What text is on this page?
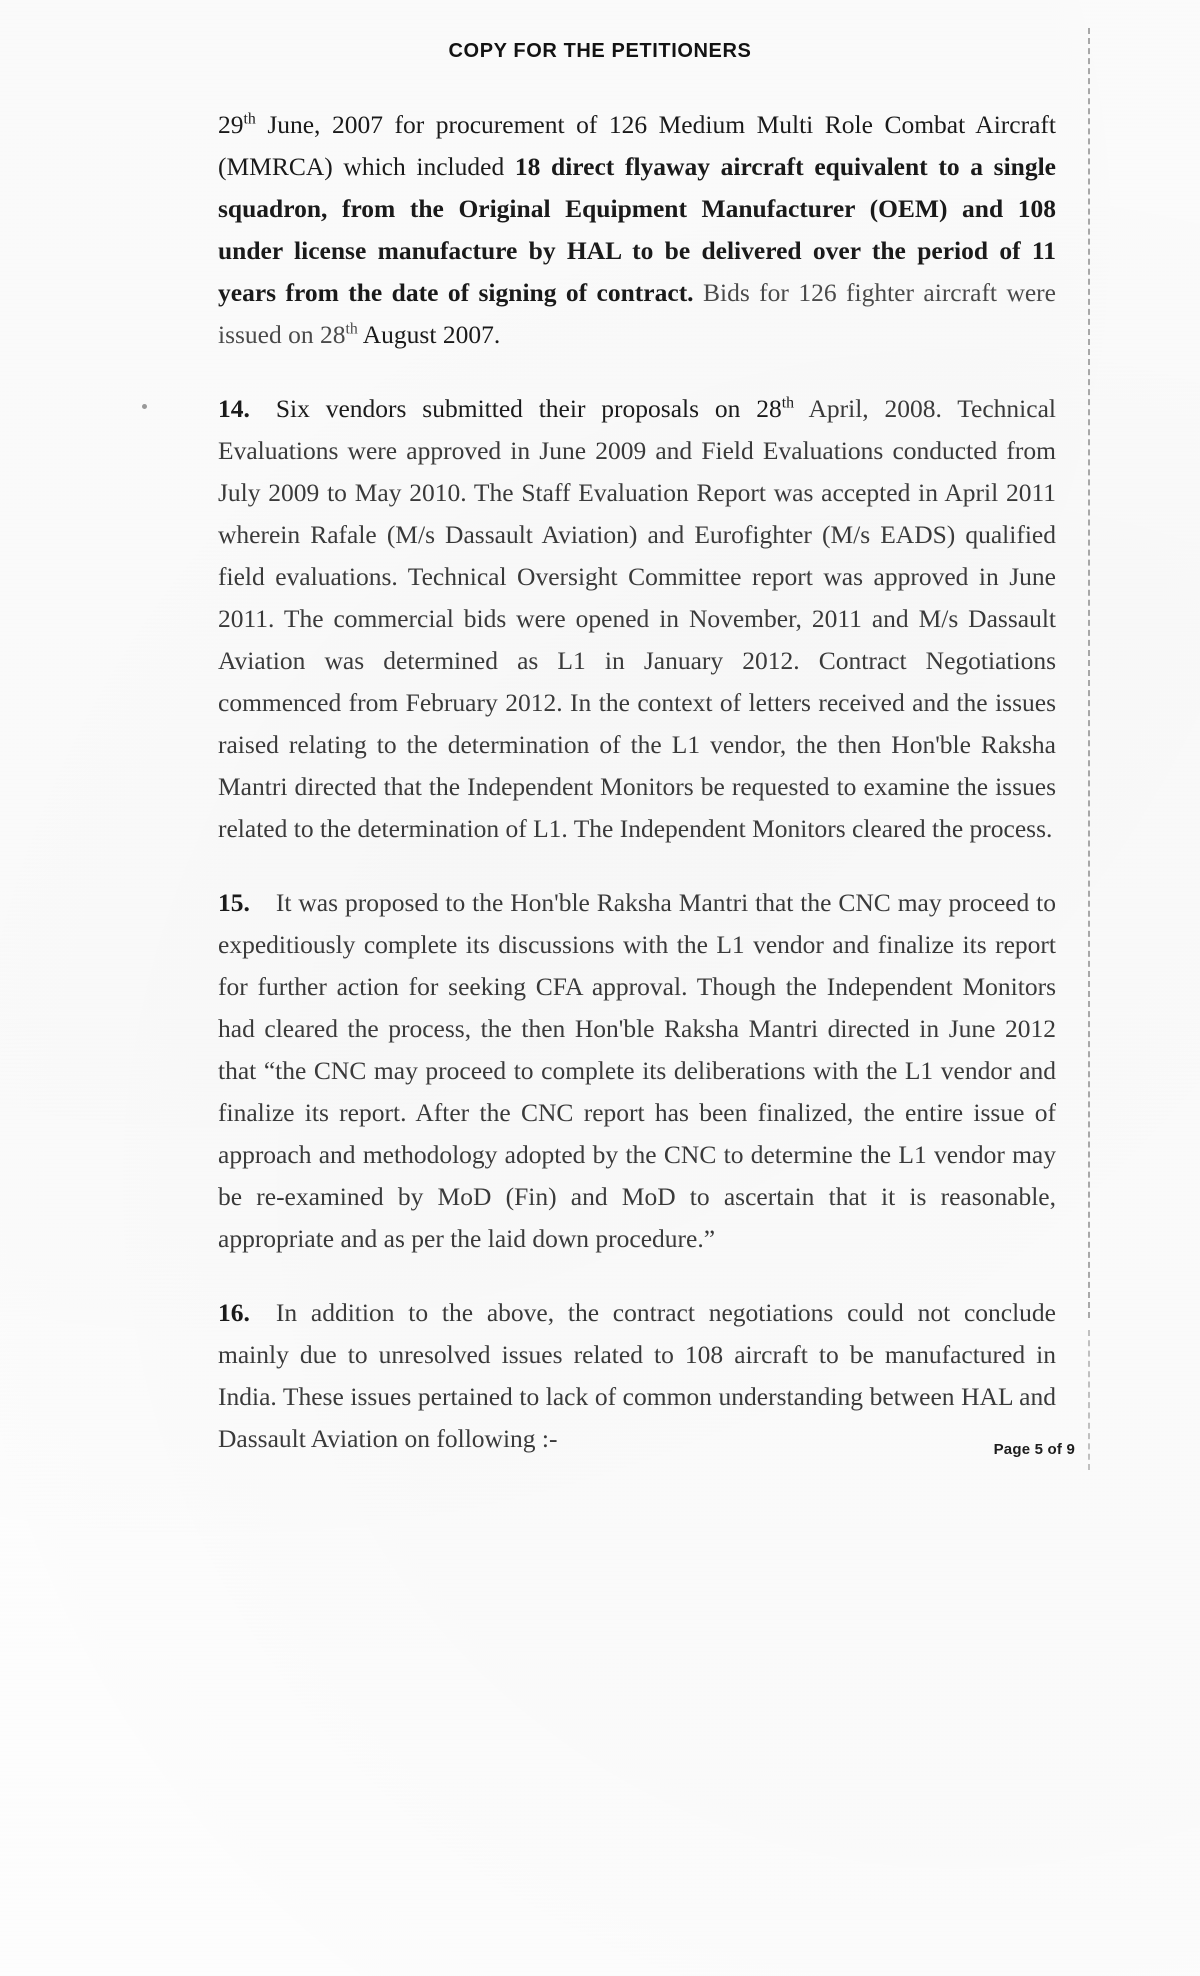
COPY FOR THE PETITIONERS

29th June, 2007 for procurement of 126 Medium Multi Role Combat Aircraft (MMRCA) which included 18 direct flyaway aircraft equivalent to a single squadron, from the Original Equipment Manufacturer (OEM) and 108 under license manufacture by HAL to be delivered over the period of 11 years from the date of signing of contract. Bids for 126 fighter aircraft were issued on 28th August 2007.

14. Six vendors submitted their proposals on 28th April, 2008. Technical Evaluations were approved in June 2009 and Field Evaluations conducted from July 2009 to May 2010. The Staff Evaluation Report was accepted in April 2011 wherein Rafale (M/s Dassault Aviation) and Eurofighter (M/s EADS) qualified field evaluations. Technical Oversight Committee report was approved in June 2011. The commercial bids were opened in November, 2011 and M/s Dassault Aviation was determined as L1 in January 2012. Contract Negotiations commenced from February 2012. In the context of letters received and the issues raised relating to the determination of the L1 vendor, the then Hon'ble Raksha Mantri directed that the Independent Monitors be requested to examine the issues related to the determination of L1. The Independent Monitors cleared the process.

15. It was proposed to the Hon'ble Raksha Mantri that the CNC may proceed to expeditiously complete its discussions with the L1 vendor and finalize its report for further action for seeking CFA approval. Though the Independent Monitors had cleared the process, the then Hon'ble Raksha Mantri directed in June 2012 that “the CNC may proceed to complete its deliberations with the L1 vendor and finalize its report. After the CNC report has been finalized, the entire issue of approach and methodology adopted by the CNC to determine the L1 vendor may be re-examined by MoD (Fin) and MoD to ascertain that it is reasonable, appropriate and as per the laid down procedure.”

16. In addition to the above, the contract negotiations could not conclude mainly due to unresolved issues related to 108 aircraft to be manufactured in India. These issues pertained to lack of common understanding between HAL and Dassault Aviation on following :-	Page 5 of 9
